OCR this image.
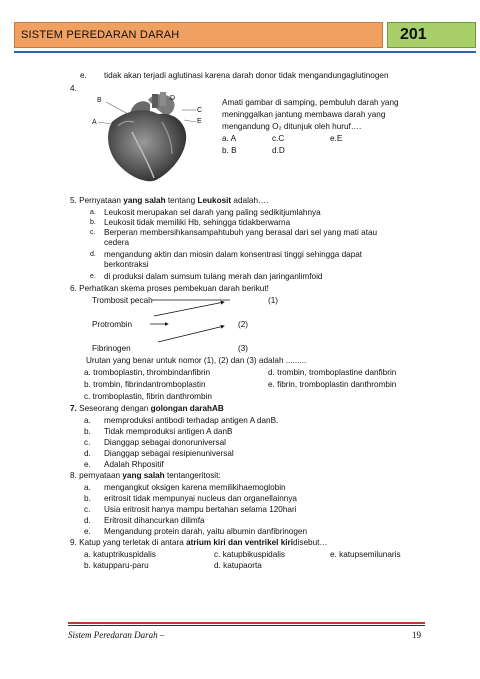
SISTEM PEREDARAN DARAH	201
e. tidak akan terjadi aglutinasi karena darah donor tidak mengandungaglutinogen
4.
B	D
A
C
E
Amati gambar di samping, pembuluh darah yang
meninggalkan jantung membawa darah yang
mengandung O₂ ditunjuk oleh huruf….
a. A	c.C	e.E
b. B	d.D
5. Pernyataan yang salah tentang Leukosit adalah….
a. Leukosit merupakan sel darah yang paling sedikitjumlahnya
b. Leukosit tidak memiliki Hb, sehingga tidakberwarna
c. Berperan membersihkansampahtubuh yang berasal dari sel yang mati atau
cedera
d. mengandung aktin dan miosin dalam konsentrasi tinggi sehingga dapat
berkontraksi
e. di produksi dalam sumsum tulang merah dan jaringanlimfoid
6. Perhatikan skema proses pembekuan darah berikut!
Trombosit pecah	(1)
Protrombin	(2)
Fibrinogen	(3)
Urutan yang benar untuk nomor (1), (2) dan (3) adalah .........
a. tromboplastin, thrombindanfibrin	d. trombin, tromboplastine danfibrin
b. trombin, fibrindantromboplastin	e. fibrin, tromboplastin danthrombin
c. tromboplastin, fibrin danthrombin
7. Seseorang dengan golongan darahAB
a. memproduksi antibodi terhadap antigen A danB.
b. Tidak memproduksi antigen A danB
c. Dianggap sebagai donoruniversal
d. Dianggap sebagai resipienuniversal
e. Adalah Rhpositif
8. pernyataan yang salah tentangeritosit:
a. mengangkut oksigen karena memilikihaemoglobin
b. eritrosit tidak mempunyai nucleus dan organellainnya
c. Usia eritrosit hanya mampu bertahan selama 120hari
d. Eritrosit dihancurkan dilimfa
e. Mengandung protein darah, yaitu albumin danfibrinogen
9. Katup yang terletak di antara atrium kiri dan ventrikel kiridisebut…
a. katuptrikuspidalis	c. katupbikuspidalis	e. katupsemilunaris
b. katupparu-paru	d. katupaorta
Sistem Peredaran Darah –	19
